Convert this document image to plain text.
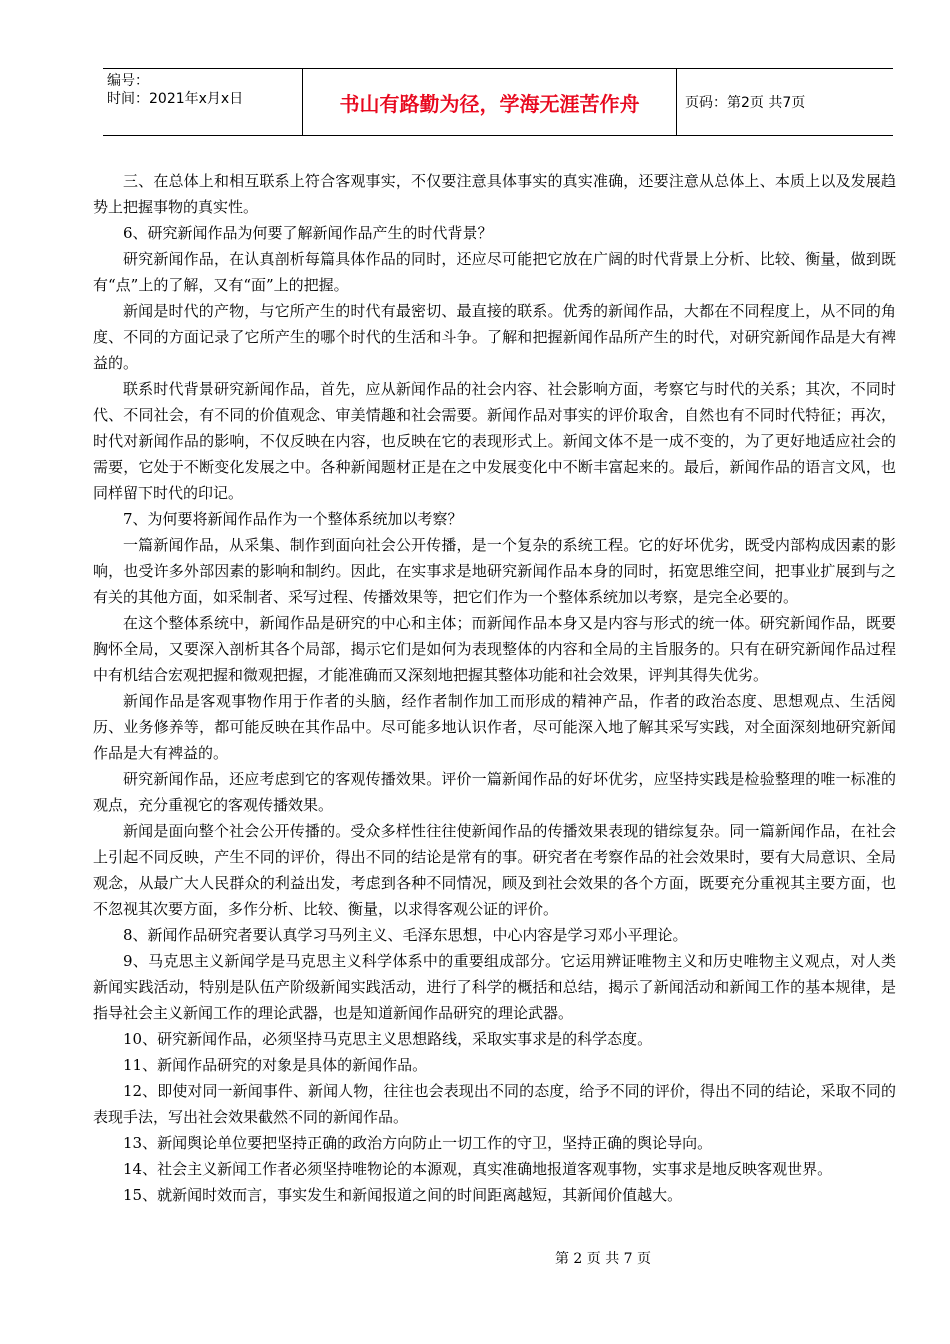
编号：
时间：2021年x月x日	书山有路勤为径，学海无涯苦作舟	页码：第2页 共7页

三、在总体上和相互联系上符合客观事实，不仅要注意具体事实的真实准确，还要注意从总体上、本质上以及发展趋势上把握事物的真实性。

6、研究新闻作品为何要了解新闻作品产生的时代背景？

研究新闻作品，在认真剖析每篇具体作品的同时，还应尽可能把它放在广阔的时代背景上分析、比较、衡量，做到既有“点”上的了解，又有“面”上的把握。

新闻是时代的产物，与它所产生的时代有最密切、最直接的联系。优秀的新闻作品，大都在不同程度上，从不同的角度、不同的方面记录了它所产生的哪个时代的生活和斗争。了解和把握新闻作品所产生的时代，对研究新闻作品是大有裨益的。

联系时代背景研究新闻作品，首先，应从新闻作品的社会内容、社会影响方面，考察它与时代的关系；其次，不同时代、不同社会，有不同的价值观念、审美情趣和社会需要。新闻作品对事实的评价取舍，自然也有不同时代特征；再次，时代对新闻作品的影响，不仅反映在内容，也反映在它的表现形式上。新闻文体不是一成不变的，为了更好地适应社会的需要，它处于不断变化发展之中。各种新闻题材正是在之中发展变化中不断丰富起来的。最后，新闻作品的语言文风，也同样留下时代的印记。

7、为何要将新闻作品作为一个整体系统加以考察？

一篇新闻作品，从采集、制作到面向社会公开传播，是一个复杂的系统工程。它的好坏优劣，既受内部构成因素的影响，也受许多外部因素的影响和制约。因此，在实事求是地研究新闻作品本身的同时，拓宽思维空间，把事业扩展到与之有关的其他方面，如采制者、采写过程、传播效果等，把它们作为一个整体系统加以考察，是完全必要的。

在这个整体系统中，新闻作品是研究的中心和主体；而新闻作品本身又是内容与形式的统一体。研究新闻作品，既要胸怀全局，又要深入剖析其各个局部，揭示它们是如何为表现整体的内容和全局的主旨服务的。只有在研究新闻作品过程中有机结合宏观把握和微观把握，才能准确而又深刻地把握其整体功能和社会效果，评判其得失优劣。

新闻作品是客观事物作用于作者的头脑，经作者制作加工而形成的精神产品，作者的政治态度、思想观点、生活阅历、业务修养等，都可能反映在其作品中。尽可能多地认识作者，尽可能深入地了解其采写实践，对全面深刻地研究新闻作品是大有裨益的。

研究新闻作品，还应考虑到它的客观传播效果。评价一篇新闻作品的好坏优劣，应坚持实践是检验整理的唯一标准的观点，充分重视它的客观传播效果。

新闻是面向整个社会公开传播的。受众多样性往往使新闻作品的传播效果表现的错综复杂。同一篇新闻作品，在社会上引起不同反映，产生不同的评价，得出不同的结论是常有的事。研究者在考察作品的社会效果时，要有大局意识、全局观念，从最广大人民群众的利益出发，考虑到各种不同情况，顾及到社会效果的各个方面，既要充分重视其主要方面，也不忽视其次要方面，多作分析、比较、衡量，以求得客观公证的评价。

8、新闻作品研究者要认真学习马列主义、毛泽东思想，中心内容是学习邓小平理论。

9、马克思主义新闻学是马克思主义科学体系中的重要组成部分。它运用辨证唯物主义和历史唯物主义观点，对人类新闻实践活动，特别是队伍产阶级新闻实践活动，进行了科学的概括和总结，揭示了新闻活动和新闻工作的基本规律，是指导社会主义新闻工作的理论武器，也是知道新闻作品研究的理论武器。

10、研究新闻作品，必须坚持马克思主义思想路线，采取实事求是的科学态度。

11、新闻作品研究的对象是具体的新闻作品。

12、即使对同一新闻事件、新闻人物，往往也会表现出不同的态度，给予不同的评价，得出不同的结论，采取不同的表现手法，写出社会效果截然不同的新闻作品。

13、新闻舆论单位要把坚持正确的政治方向防止一切工作的守卫，坚持正确的舆论导向。

14、社会主义新闻工作者必须坚持唯物论的本源观，真实准确地报道客观事物，实事求是地反映客观世界。

15、就新闻时效而言，事实发生和新闻报道之间的时间距离越短，其新闻价值越大。

第 2 页 共 7 页
